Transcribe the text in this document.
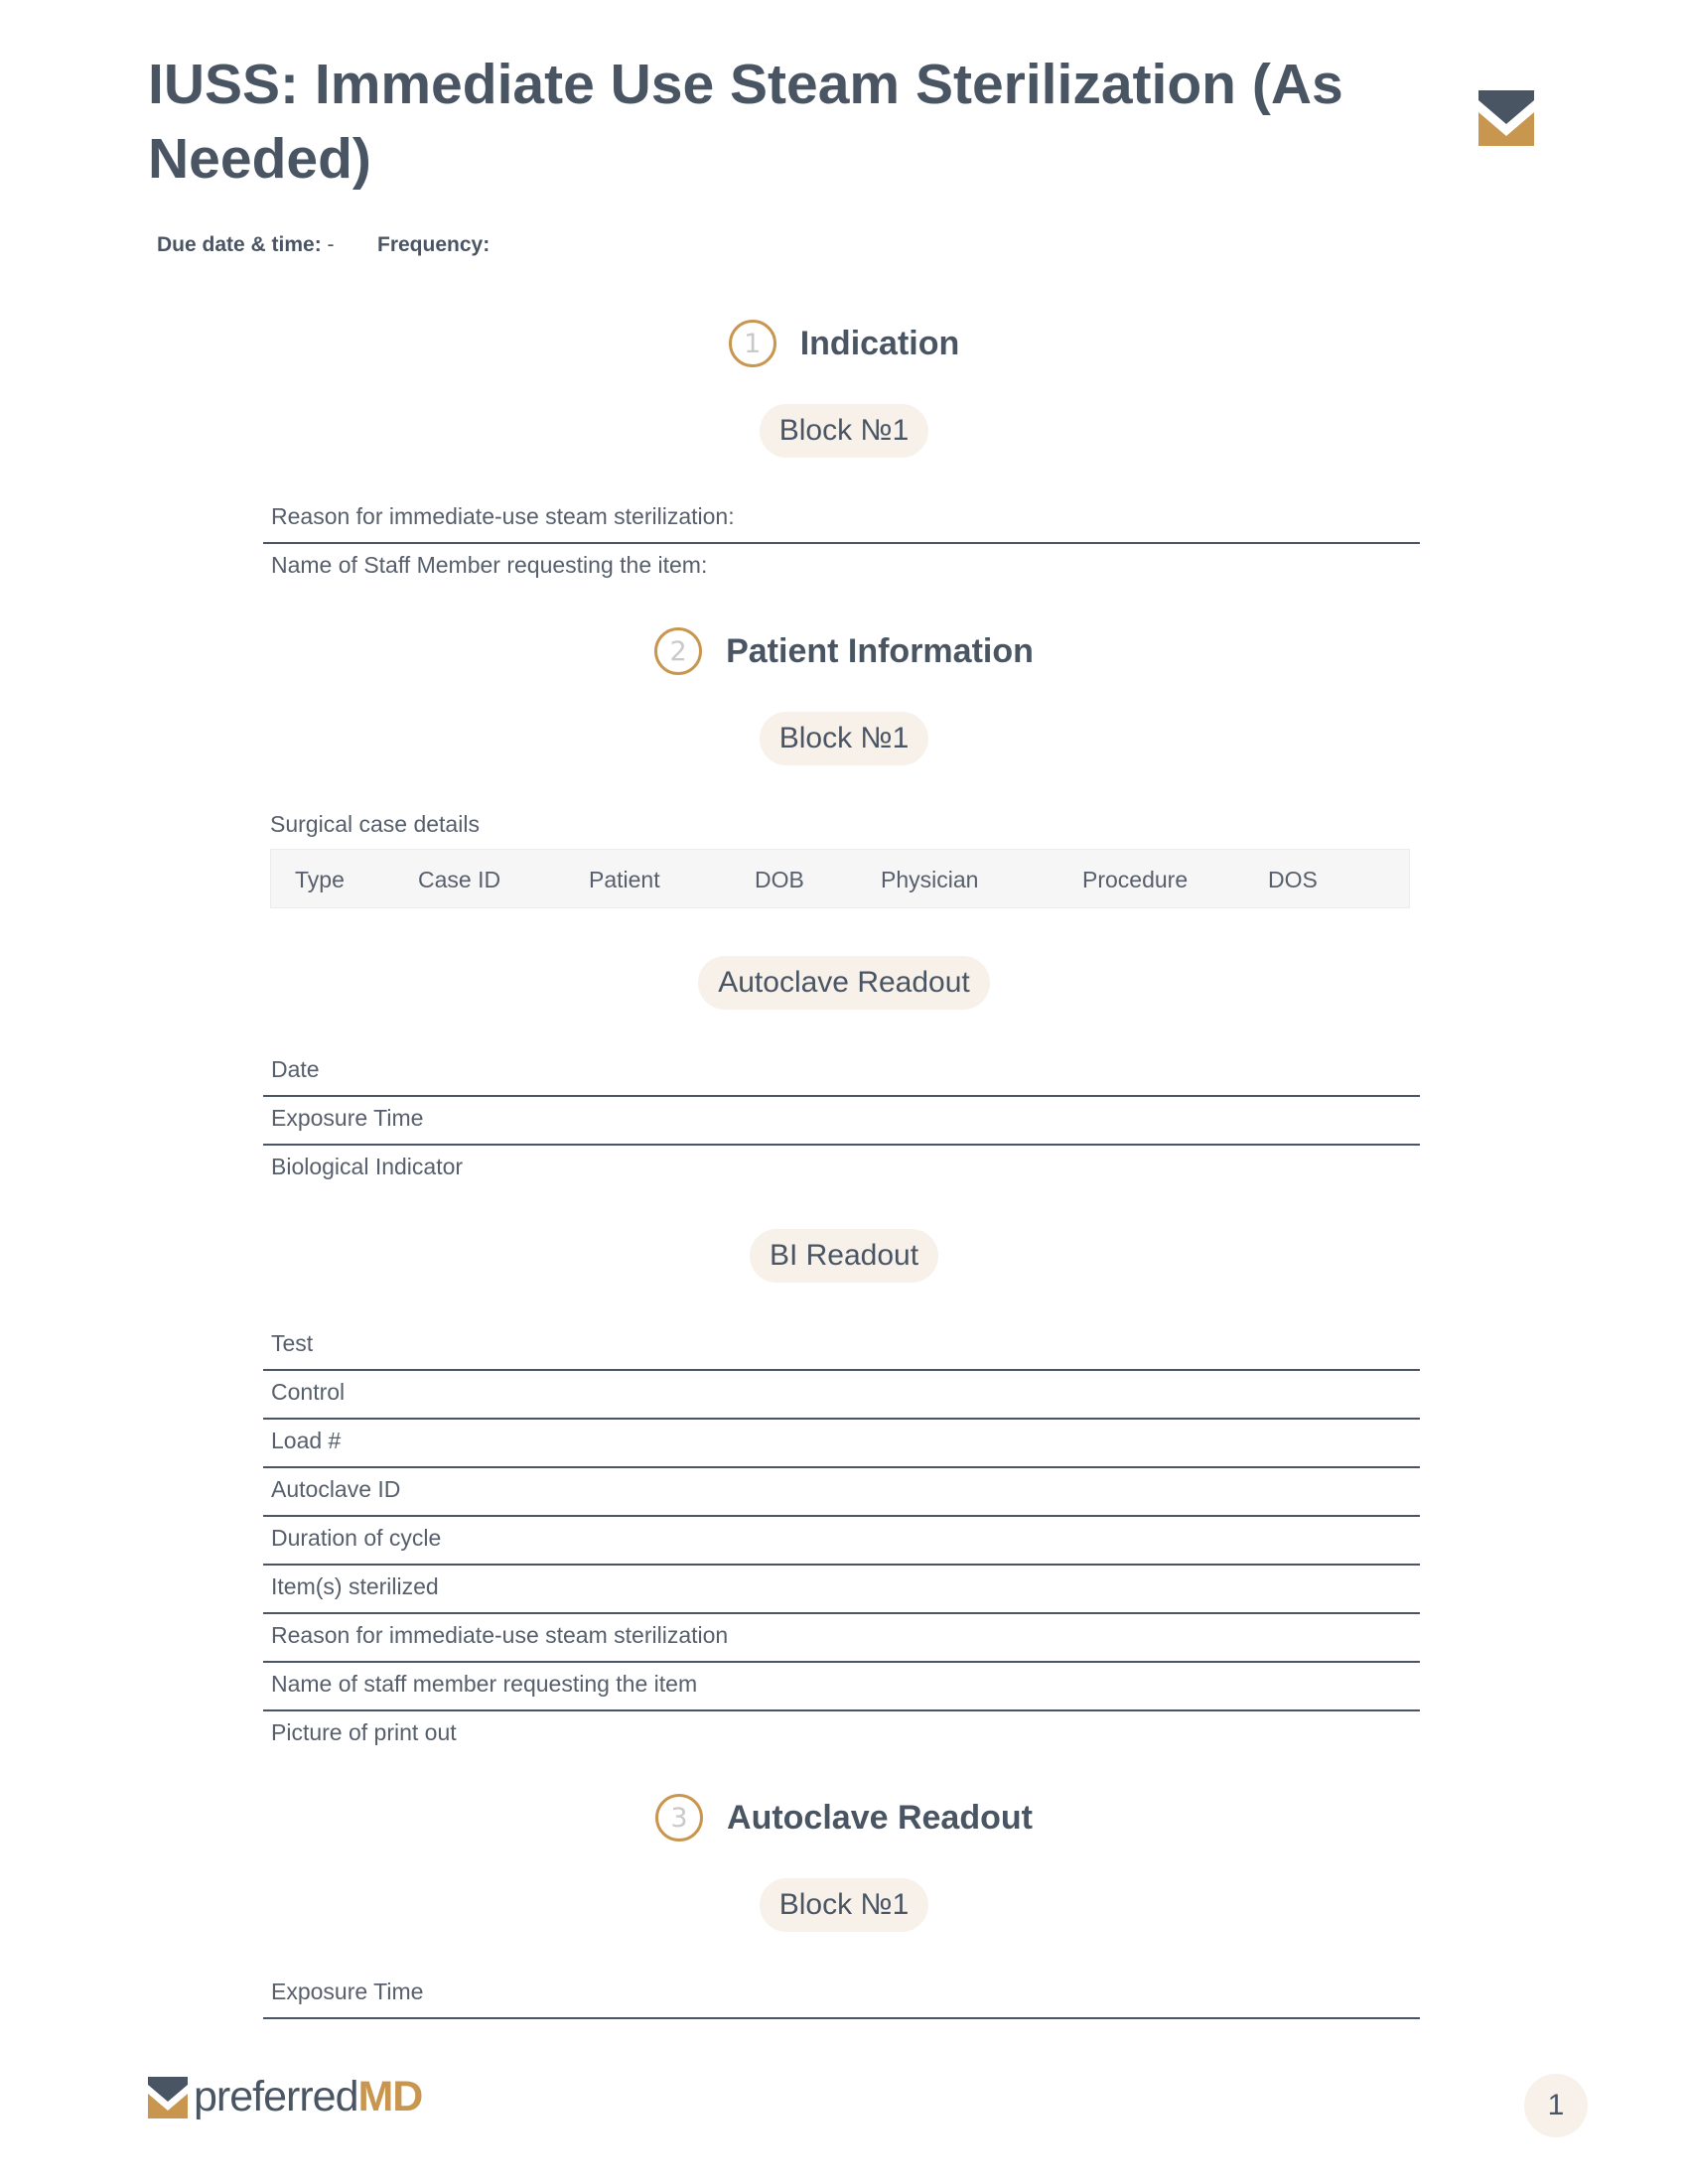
IUSS: Immediate Use Steam Sterilization (As Needed)
Due date & time: - Frequency:
1	Indication
Block №1
Reason for immediate-use steam sterilization:
Name of Staff Member requesting the item:
2	Patient Information
Block №1
Surgical case details
Type	Case ID	Patient	DOB	Physician	Procedure	DOS
Autoclave Readout
Date
Exposure Time
Biological Indicator
BI Readout
Test
Control
Load #
Autoclave ID
Duration of cycle
Item(s) sterilized
Reason for immediate-use steam sterilization
Name of staff member requesting the item
Picture of print out
3	Autoclave Readout
Block №1
Exposure Time
preferredMD	1
